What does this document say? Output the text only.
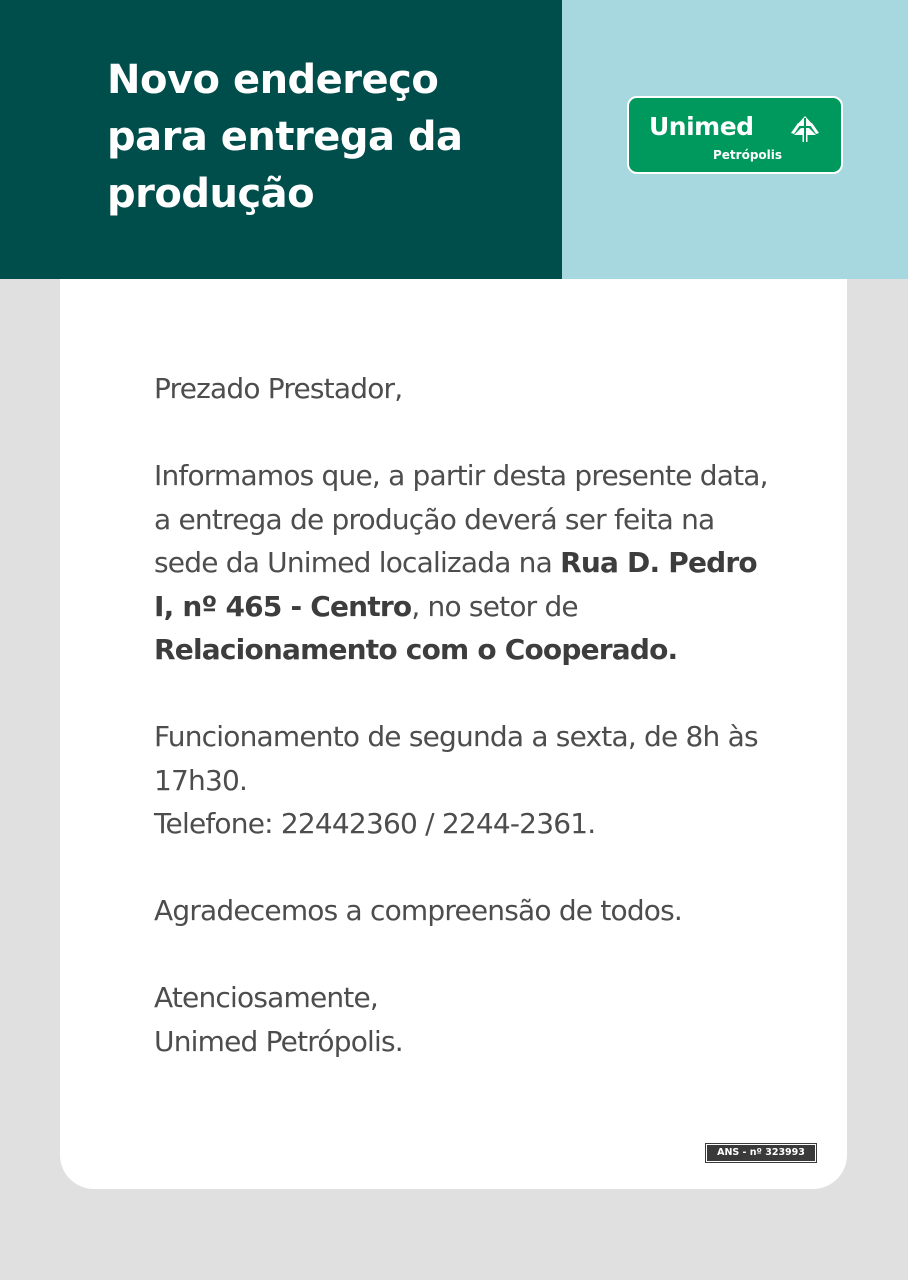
Novo endereço
para entrega da
produção
Unimed
Petrópolis

Prezado Prestador,

Informamos que, a partir desta presente data, a entrega de produção deverá ser feita na sede da Unimed localizada na Rua D. Pedro I, nº 465 - Centro, no setor de Relacionamento com o Cooperado.

Funcionamento de segunda a sexta, de 8h às 17h30.
Telefone: 22442360 / 2244-2361.

Agradecemos a compreensão de todos.

Atenciosamente,
Unimed Petrópolis.

ANS - nº 323993
